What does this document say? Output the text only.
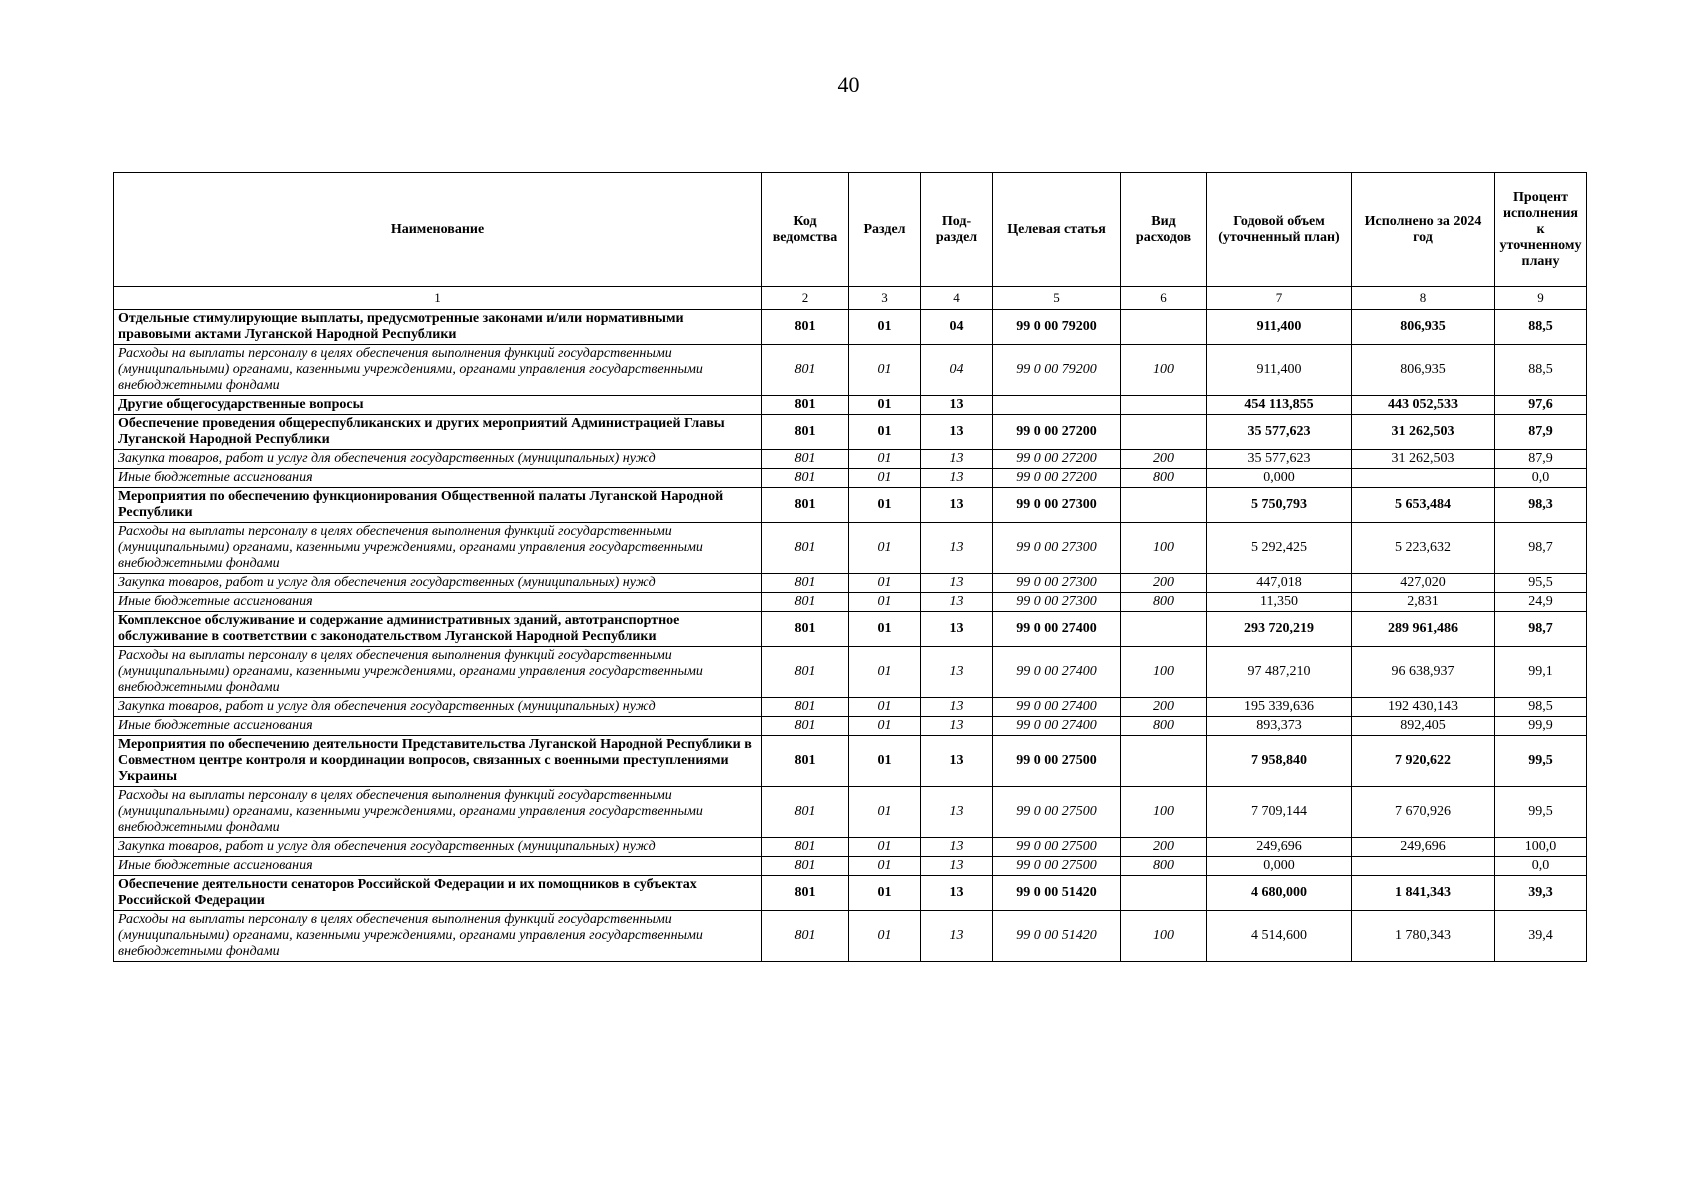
40
Наименование	Код ведомства	Раздел	Под-раздел	Целевая статья	Вид расходов	Годовой объем (уточненный план)	Исполнено за 2024 год	Процент исполнения к уточненному плану
1	2	3	4	5	6	7	8	9
Отдельные стимулирующие выплаты, предусмотренные законами и/или нормативными правовыми актами Луганской Народной Республики	801	01	04	99 0 00 79200		911,400	806,935	88,5
Расходы на выплаты персоналу в целях обеспечения выполнения функций государственными (муниципальными) органами, казенными учреждениями, органами управления государственными внебюджетными фондами	801	01	04	99 0 00 79200	100	911,400	806,935	88,5
Другие общегосударственные вопросы	801	01	13			454 113,855	443 052,533	97,6
Обеспечение проведения общереспубликанских и других мероприятий Администрацией Главы Луганской Народной Республики	801	01	13	99 0 00 27200		35 577,623	31 262,503	87,9
Закупка товаров, работ и услуг для обеспечения государственных (муниципальных) нужд	801	01	13	99 0 00 27200	200	35 577,623	31 262,503	87,9
Иные бюджетные ассигнования	801	01	13	99 0 00 27200	800	0,000		0,0
Мероприятия по обеспечению функционирования Общественной палаты Луганской Народной Республики	801	01	13	99 0 00 27300		5 750,793	5 653,484	98,3
Расходы на выплаты персоналу в целях обеспечения выполнения функций государственными (муниципальными) органами, казенными учреждениями, органами управления государственными внебюджетными фондами	801	01	13	99 0 00 27300	100	5 292,425	5 223,632	98,7
Закупка товаров, работ и услуг для обеспечения государственных (муниципальных) нужд	801	01	13	99 0 00 27300	200	447,018	427,020	95,5
Иные бюджетные ассигнования	801	01	13	99 0 00 27300	800	11,350	2,831	24,9
Комплексное обслуживание и содержание административных зданий, автотранспортное обслуживание в соответствии с законодательством Луганской Народной Республики	801	01	13	99 0 00 27400		293 720,219	289 961,486	98,7
Расходы на выплаты персоналу в целях обеспечения выполнения функций государственными (муниципальными) органами, казенными учреждениями, органами управления государственными внебюджетными фондами	801	01	13	99 0 00 27400	100	97 487,210	96 638,937	99,1
Закупка товаров, работ и услуг для обеспечения государственных (муниципальных) нужд	801	01	13	99 0 00 27400	200	195 339,636	192 430,143	98,5
Иные бюджетные ассигнования	801	01	13	99 0 00 27400	800	893,373	892,405	99,9
Мероприятия по обеспечению деятельности Представительства Луганской Народной Республики в Совместном центре контроля и координации вопросов, связанных с военными преступлениями Украины	801	01	13	99 0 00 27500		7 958,840	7 920,622	99,5
Расходы на выплаты персоналу в целях обеспечения выполнения функций государственными (муниципальными) органами, казенными учреждениями, органами управления государственными внебюджетными фондами	801	01	13	99 0 00 27500	100	7 709,144	7 670,926	99,5
Закупка товаров, работ и услуг для обеспечения государственных (муниципальных) нужд	801	01	13	99 0 00 27500	200	249,696	249,696	100,0
Иные бюджетные ассигнования	801	01	13	99 0 00 27500	800	0,000		0,0
Обеспечение деятельности сенаторов Российской Федерации и их помощников в субъектах Российской Федерации	801	01	13	99 0 00 51420		4 680,000	1 841,343	39,3
Расходы на выплаты персоналу в целях обеспечения выполнения функций государственными (муниципальными) органами, казенными учреждениями, органами управления государственными внебюджетными фондами	801	01	13	99 0 00 51420	100	4 514,600	1 780,343	39,4
